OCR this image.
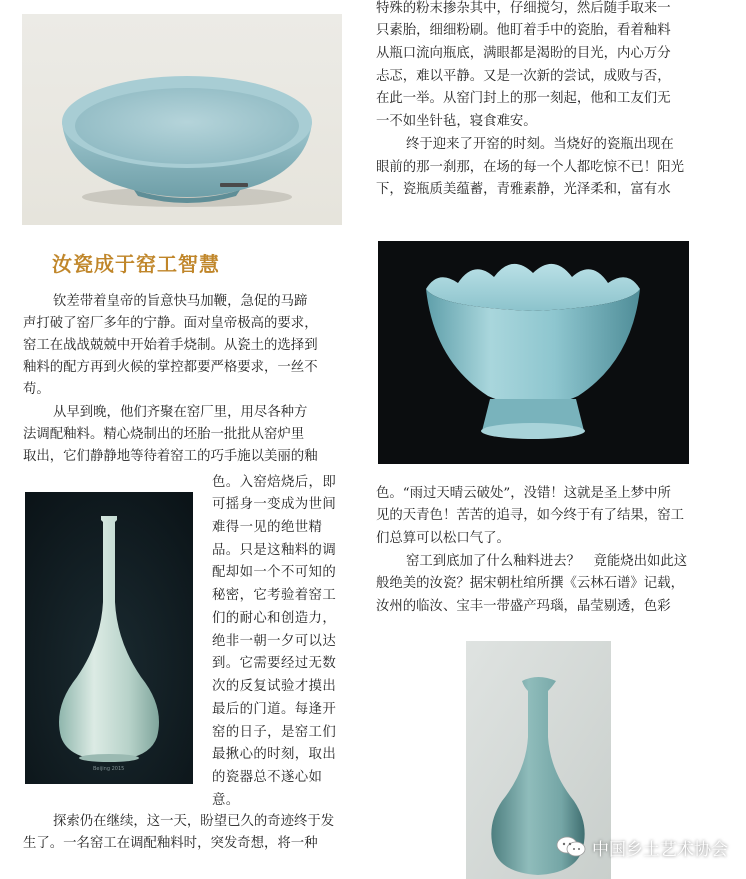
汝瓷成于窑工智慧
钦差带着皇帝的旨意快马加鞭，急促的马蹄
声打破了窑厂多年的宁静。面对皇帝极高的要求，
窑工在战战兢兢中开始着手烧制。从瓷土的选择到
釉料的配方再到火候的掌控都要严格要求，一丝不
苟。
从早到晚，他们齐聚在窑厂里，用尽各种方
法调配釉料。精心烧制出的坯胎一批批从窑炉里
取出，它们静静地等待着窑工的巧手施以美丽的釉
Beijing 2015
色。入窑焙烧后，即
可摇身一变成为世间
难得一见的绝世精
品。只是这釉料的调
配却如一个不可知的
秘密，它考验着窑工
们的耐心和创造力，
绝非一朝一夕可以达
到。它需要经过无数
次的反复试验才摸出
最后的门道。每逢开
窑的日子，是窑工们
最揪心的时刻，取出
的瓷器总不遂心如
意。
探索仍在继续，这一天，盼望已久的奇迹终于发
生了。一名窑工在调配釉料时，突发奇想，将一种
特殊的粉末掺杂其中，仔细搅匀，然后随手取来一
只素胎，细细粉刷。他盯着手中的瓷胎，看着釉料
从瓶口流向瓶底，满眼都是渴盼的目光，内心万分
忐忑，难以平静。又是一次新的尝试，成败与否，
在此一举。从窑门封上的那一刻起，他和工友们无
一不如坐针毡，寝食难安。
终于迎来了开窑的时刻。当烧好的瓷瓶出现在
眼前的那一刹那，在场的每一个人都吃惊不已！阳光
下，瓷瓶质美蕴蓄，青雅素静，光泽柔和，富有水
色。“雨过天晴云破处”，没错！这就是圣上梦中所
见的天青色！苦苦的追寻，如今终于有了结果，窑工
们总算可以松口气了。
窑工到底加了什么釉料进去？　竟能烧出如此这
般绝美的汝瓷？据宋朝杜绾所撰《云林石谱》记载，
汝州的临汝、宝丰一带盛产玛瑙，晶莹剔透，色彩
中国乡土艺术协会
